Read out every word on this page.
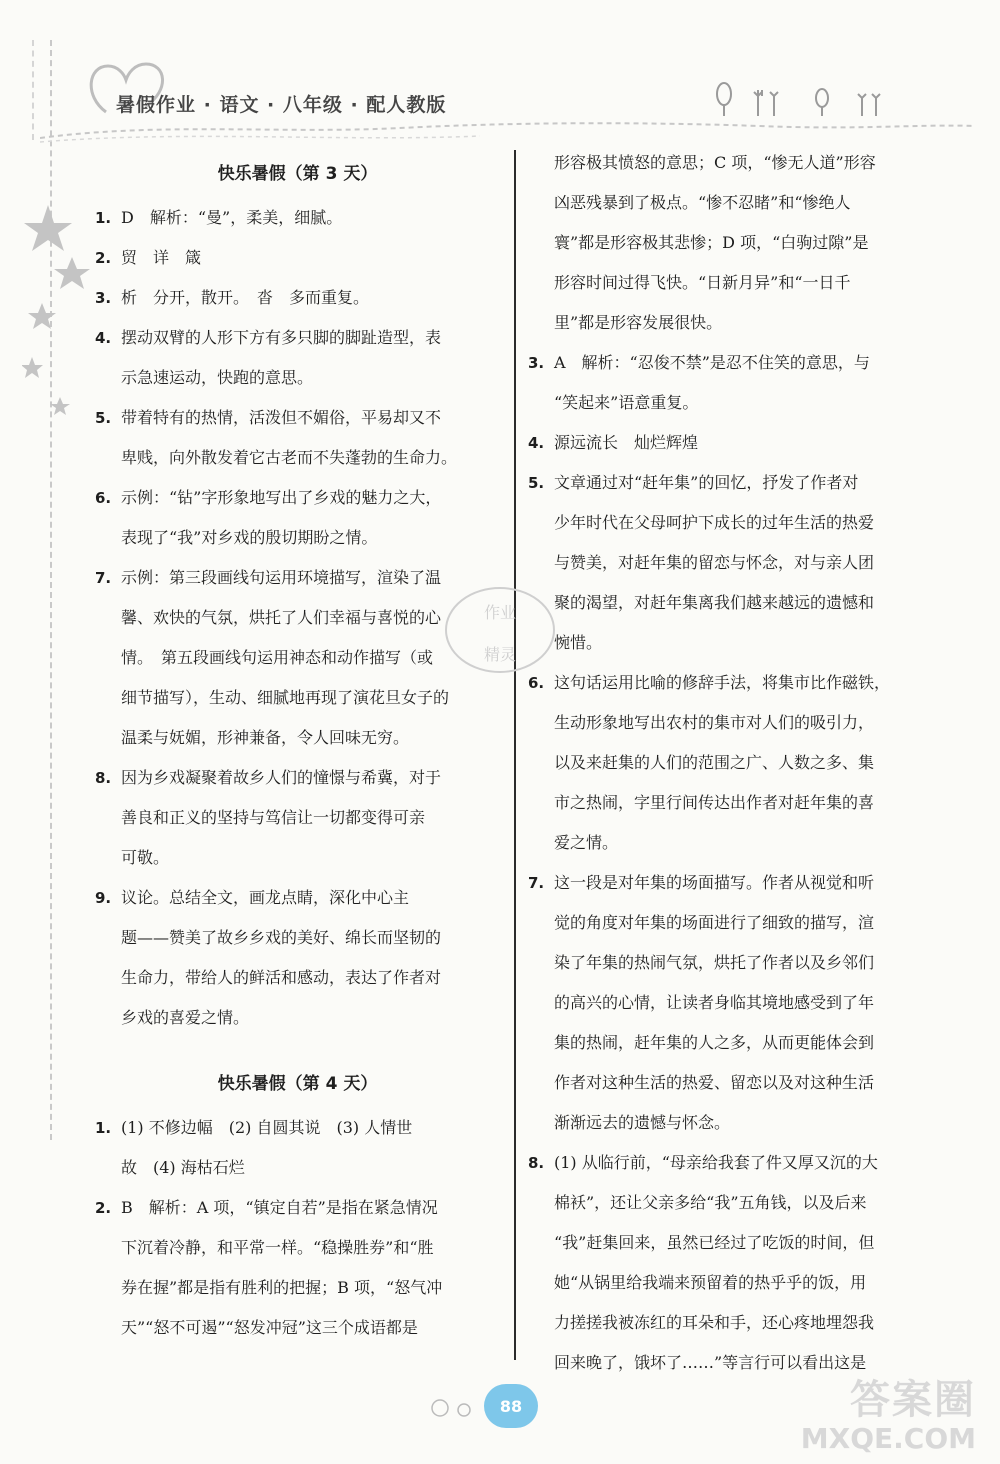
暑假作业 · 语文 · 八年级 · 配人教版
快乐暑假（第 3 天）
1. D　解析：“曼”，柔美，细腻。
2. 贸　详　箴
3. 析　分开，散开。　沓　多而重复。
4. 摆动双臂的人形下方有多只脚的脚趾造型，表
示急速运动，快跑的意思。
5. 带着特有的热情，活泼但不媚俗，平易却又不
卑贱，向外散发着它古老而不失蓬勃的生命力。
6. 示例：“钻”字形象地写出了乡戏的魅力之大，
表现了“我”对乡戏的殷切期盼之情。
7. 示例：第三段画线句运用环境描写，渲染了温
馨、欢快的气氛，烘托了人们幸福与喜悦的心
情。　第五段画线句运用神态和动作描写（或
细节描写），生动、细腻地再现了演花旦女子的
温柔与妩媚，形神兼备，令人回味无穷。
8. 因为乡戏凝聚着故乡人们的憧憬与希冀，对于
善良和正义的坚持与笃信让一切都变得可亲
可敬。
9. 议论。总结全文，画龙点睛，深化中心主
题——赞美了故乡乡戏的美好、绵长而坚韧的
生命力，带给人的鲜活和感动，表达了作者对
乡戏的喜爱之情。
快乐暑假（第 4 天）
1. (1) 不修边幅　(2) 自圆其说　(3) 人情世
故　(4) 海枯石烂
2. B　解析：A 项，“镇定自若”是指在紧急情况
下沉着冷静，和平常一样。“稳操胜券”和“胜
券在握”都是指有胜利的把握；B 项，“怒气冲
天”“怒不可遏”“怒发冲冠”这三个成语都是
形容极其愤怒的意思；C 项，“惨无人道”形容
凶恶残暴到了极点。“惨不忍睹”和“惨绝人
寰”都是形容极其悲惨；D 项，“白驹过隙”是
形容时间过得飞快。“日新月异”和“一日千
里”都是形容发展很快。
3. A　解析：“忍俊不禁”是忍不住笑的意思，与
“笑起来”语意重复。
4. 源远流长　灿烂辉煌
5. 文章通过对“赶年集”的回忆，抒发了作者对
少年时代在父母呵护下成长的过年生活的热爱
与赞美，对赶年集的留恋与怀念，对与亲人团
聚的渴望，对赶年集离我们越来越远的遗憾和
惋惜。
6. 这句话运用比喻的修辞手法，将集市比作磁铁，
生动形象地写出农村的集市对人们的吸引力，
以及来赶集的人们的范围之广、人数之多、集
市之热闹，字里行间传达出作者对赶年集的喜
爱之情。
7. 这一段是对年集的场面描写。作者从视觉和听
觉的角度对年集的场面进行了细致的描写，渲
染了年集的热闹气氛，烘托了作者以及乡邻们
的高兴的心情，让读者身临其境地感受到了年
集的热闹，赶年集的人之多，从而更能体会到
作者对这种生活的热爱、留恋以及对这种生活
渐渐远去的遗憾与怀念。
8. (1) 从临行前，“母亲给我套了件又厚又沉的大
棉袄”，还让父亲多给“我”五角钱，以及后来
“我”赶集回来，虽然已经过了吃饭的时间，但
她“从锅里给我端来预留着的热乎乎的饭，用
力搓搓我被冻红的耳朵和手，还心疼地埋怨我
回来晚了，饿坏了……”等言行可以看出这是
作业
精灵
88	答案圈
MXQE.COM
